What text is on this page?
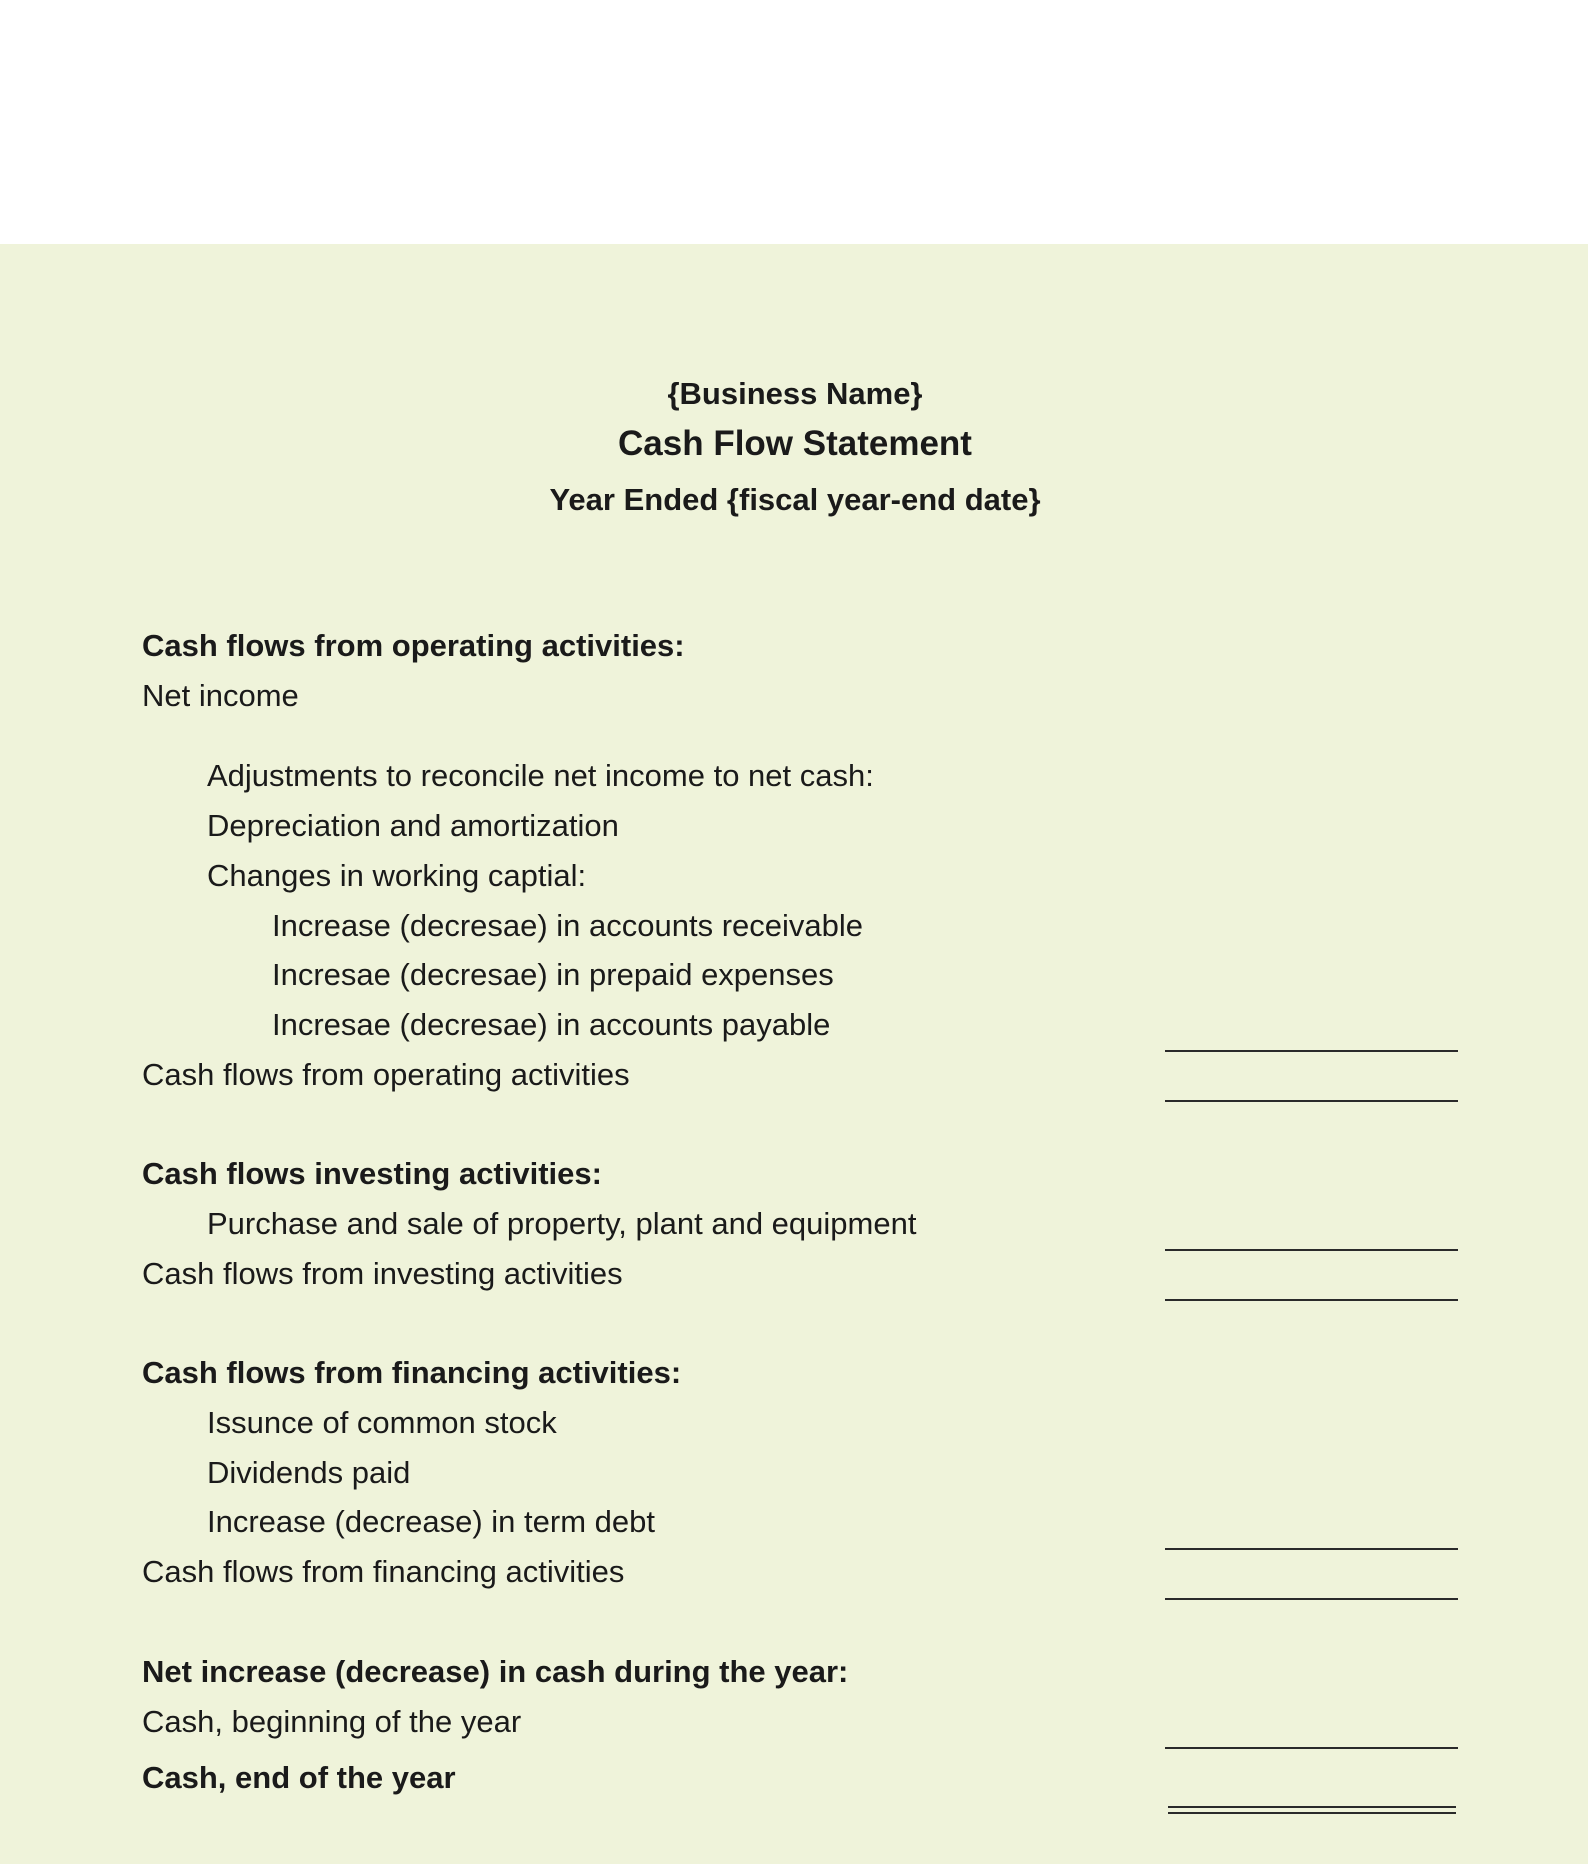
{Business Name}
Cash Flow Statement
Year Ended {fiscal year-end date}
Cash flows from operating activities:
Net income
Adjustments to reconcile net income to net cash:
Depreciation and amortization
Changes in working captial:
Increase (decresae) in accounts receivable
Incresae (decresae) in prepaid expenses
Incresae (decresae) in accounts payable
Cash flows from operating activities
Cash flows investing activities:
Purchase and sale of property, plant and equipment
Cash flows from investing activities
Cash flows from financing activities:
Issunce of common stock
Dividends paid
Increase (decrease) in term debt
Cash flows from financing activities
Net increase (decrease) in cash during the year:
Cash, beginning of the year
Cash, end of the year
